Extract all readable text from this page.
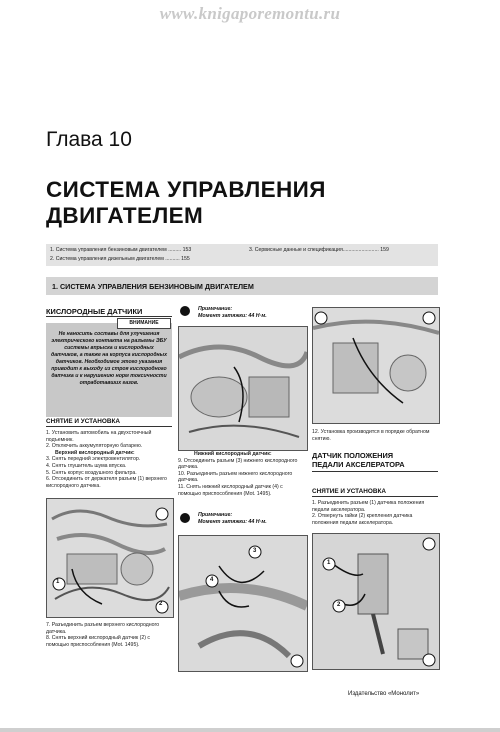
www.knigaporemontu.ru
Глава 10
СИСТЕМА УПРАВЛЕНИЯ
ДВИГАТЕЛЕМ
1. Система управления бензиновым двигателем ......... 153
2. Система управления дизельным двигателем .......... 155
3. Сервисные данные и спецификация......................... 159
1. СИСТЕМА УПРАВЛЕНИЯ БЕНЗИНОВЫМ ДВИГАТЕЛЕМ
КИСЛОРОДНЫЕ ДАТЧИКИ
ВНИМАНИЕ
Не наносить составы для улучшения электрического контакта на разъемы ЭБУ системы впрыска и кислородных датчиков, а также на корпуса кислородных датчиков. Необходимое этого указания приводит к выходу из строя кислородного датчика и к нарушению норм токсичности отработавших газов.
СНЯТИЕ И УСТАНОВКА
1. Установить автомобиль на двухстоечный подъемник.
2. Отключить аккумуляторную батарею.
Верхний кислородный датчик:
3. Снять передний электровентилятор.
4. Снять глушитель шума впуска.
5. Снять корпус воздушного фильтра.
6. Отсоединить от держателя разъем (1) верхнего кислородного датчика.
1
2
7. Разъединить разъем верхнего кислородного датчика.
8. Снять верхний кислородный датчик (2) с помощью приспособления (Mot. 1495).
Примечание:
Момент затяжки: 44 Н·м.
Нижний кислородный датчик:
9. Отсоединить разъем (3) нижнего кислородного датчика.
10. Разъединить разъем нижнего кислородного датчика.
11. Снять нижний кислородный датчик (4) с помощью приспособления (Mot. 1495).
Примечание:
Момент затяжки: 44 Н·м.
3
4
12. Установка производится в порядке обратном снятию.
ДАТЧИК ПОЛОЖЕНИЯ
ПЕДАЛИ АКСЕЛЕРАТОРА
СНЯТИЕ И УСТАНОВКА
1. Разъединить разъем (1) датчика положения педали акселератора.
2. Отвернуть гайки (2) крепления датчика положения педали акселератора.
1
2
Издательство «Монолит»
